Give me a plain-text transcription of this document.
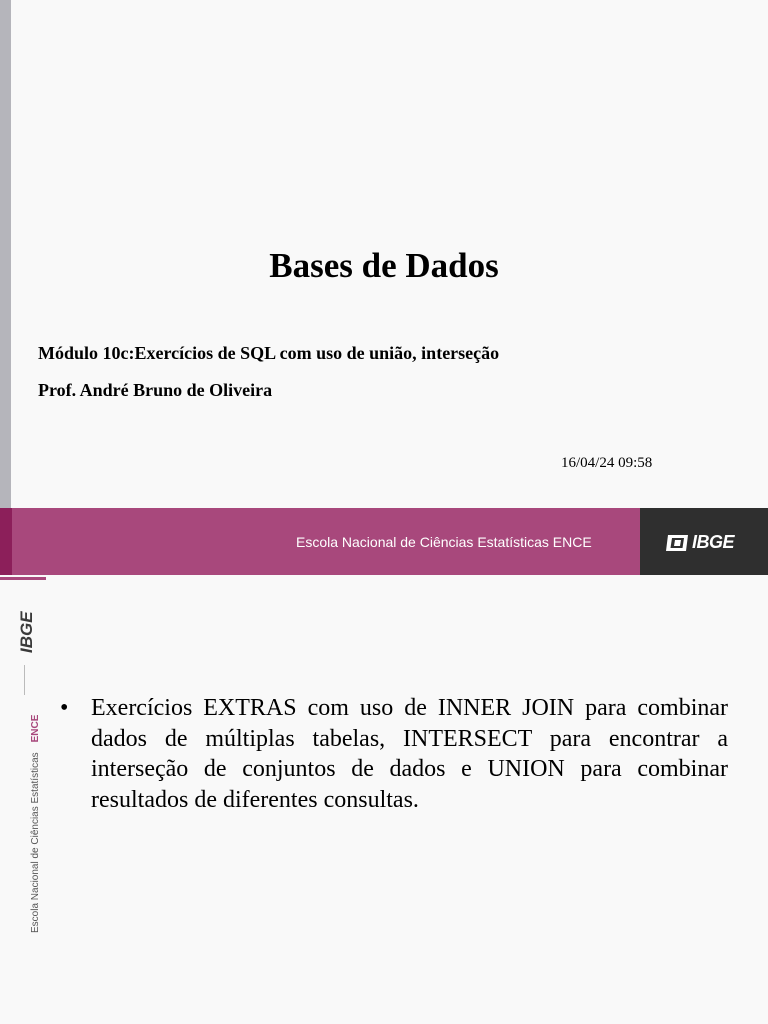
Bases de Dados

Módulo 10c:Exercícios de SQL com uso de união, interseção

Prof. André Bruno de Oliveira

16/04/24 09:58
Escola Nacional de Ciências Estatísticas ENCE	IBGE
IBGE
Escola Nacional de Ciências EstatísticasENCE
• Exercícios EXTRAS com uso de INNER JOIN para combinar dados de múltiplas tabelas, INTERSECT para encontrar a interseção de conjuntos de dados e UNION para combinar resultados de diferentes consultas.
